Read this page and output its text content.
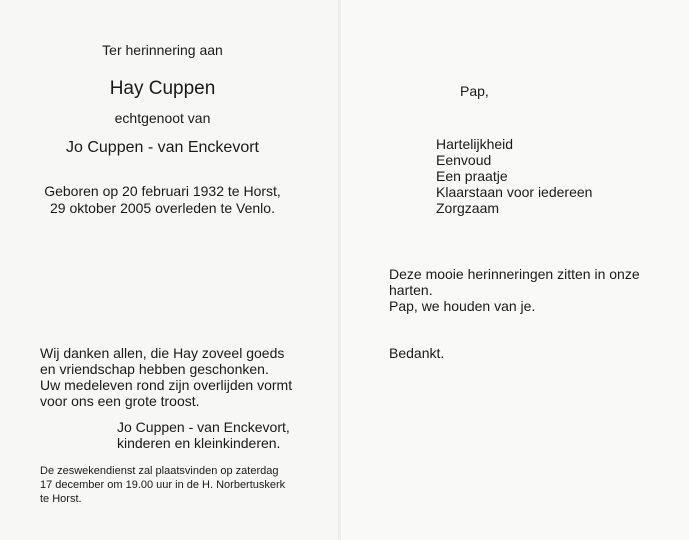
Ter herinnering aan
Hay Cuppen
echtgenoot van
Jo Cuppen - van Enckevort
Geboren op 20 februari 1932 te Horst,
29 oktober 2005 overleden te Venlo.
Wij danken allen, die Hay zoveel goeds
en vriendschap hebben geschonken.
Uw medeleven rond zijn overlijden vormt
voor ons een grote troost.
Jo Cuppen - van Enckevort,
kinderen en kleinkinderen.
De zeswekendienst zal plaatsvinden op zaterdag
17 december om 19.00 uur in de H. Norbertuskerk
te Horst.
Pap,
Hartelijkheid
Eenvoud
Een praatje
Klaarstaan voor iedereen
Zorgzaam
Deze mooie herinneringen zitten in onze
harten.
Pap, we houden van je.
Bedankt.
